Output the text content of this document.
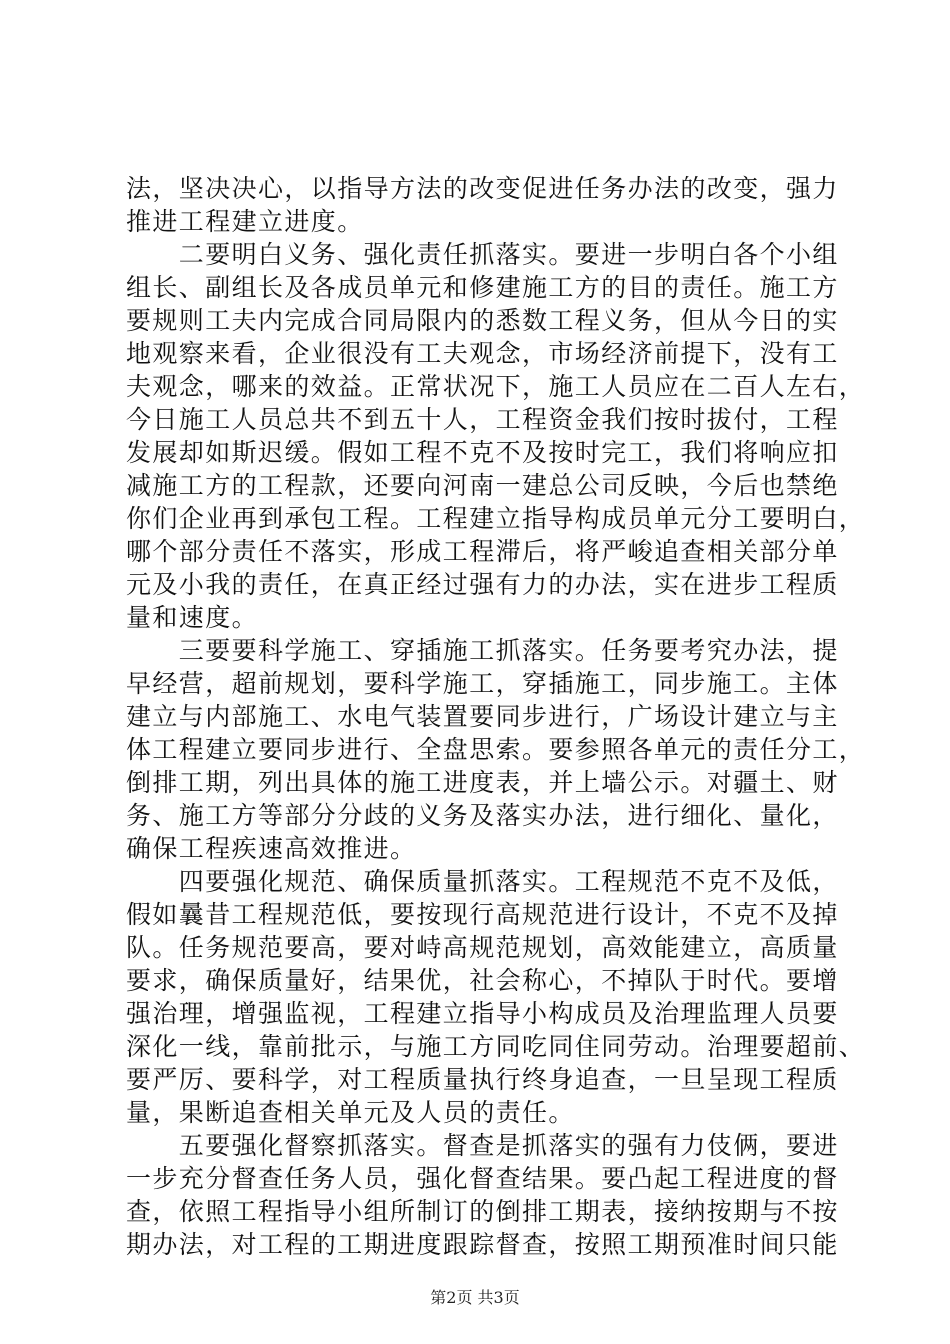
法，坚决决心，以指导方法的改变促进任务办法的改变，强力
推进工程建立进度。
　　二要明白义务、强化责任抓落实。要进一步明白各个小组
组长、副组长及各成员单元和修建施工方的目的责任。施工方
要规则工夫内完成合同局限内的悉数工程义务，但从今日的实
地观察来看，企业很没有工夫观念，市场经济前提下，没有工
夫观念，哪来的效益。正常状况下，施工人员应在二百人左右，
今日施工人员总共不到五十人，工程资金我们按时拔付，工程
发展却如斯迟缓。假如工程不克不及按时完工，我们将响应扣
减施工方的工程款，还要向河南一建总公司反映，今后也禁绝
你们企业再到承包工程。工程建立指导构成员单元分工要明白，
哪个部分责任不落实，形成工程滞后，将严峻追查相关部分单
元及小我的责任，在真正经过强有力的办法，实在进步工程质
量和速度。
　　三要要科学施工、穿插施工抓落实。任务要考究办法，提
早经营，超前规划，要科学施工，穿插施工，同步施工。主体
建立与内部施工、水电气装置要同步进行，广场设计建立与主
体工程建立要同步进行、全盘思索。要参照各单元的责任分工，
倒排工期，列出具体的施工进度表，并上墙公示。对疆土、财
务、施工方等部分分歧的义务及落实办法，进行细化、量化，
确保工程疾速高效推进。
　　四要强化规范、确保质量抓落实。工程规范不克不及低，
假如曩昔工程规范低，要按现行高规范进行设计，不克不及掉
队。任务规范要高，要对峙高规范规划，高效能建立，高质量
要求，确保质量好，结果优，社会称心，不掉队于时代。要增
强治理，增强监视，工程建立指导小构成员及治理监理人员要
深化一线，靠前批示，与施工方同吃同住同劳动。治理要超前、
要严厉、要科学，对工程质量执行终身追查，一旦呈现工程质
量，果断追查相关单元及人员的责任。
　　五要强化督察抓落实。督查是抓落实的强有力伎俩，要进
一步充分督查任务人员，强化督查结果。要凸起工程进度的督
查，依照工程指导小组所制订的倒排工期表，接纳按期与不按
期办法，对工程的工期进度跟踪督查，按照工期预准时间只能
第2页 共3页
